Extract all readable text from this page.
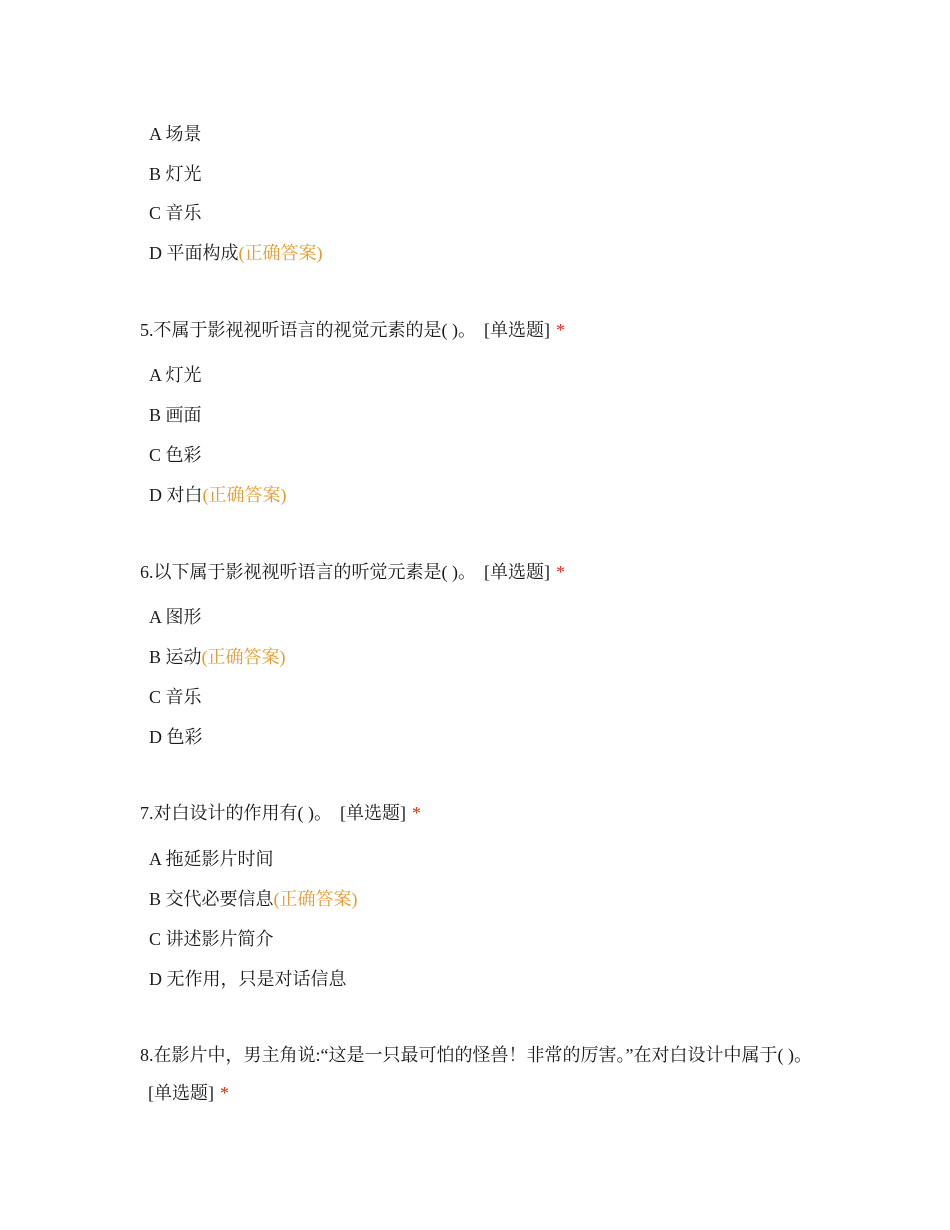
A 场景
B 灯光
C 音乐
D 平面构成(正确答案)
5.不属于影视视听语言的视觉元素的是( )。 [单选题] *
A 灯光
B 画面
C 色彩
D 对白(正确答案)
6.以下属于影视视听语言的听觉元素是( )。 [单选题] *
A 图形
B 运动(正确答案)
C 音乐
D 色彩
7.对白设计的作用有( )。 [单选题] *
A 拖延影片时间
B 交代必要信息(正确答案)
C 讲述影片简介
D 无作用，只是对话信息
8.在影片中，男主角说:“这是一只最可怕的怪兽！非常的厉害。”在对白设计中属于( )。[单选题] *
